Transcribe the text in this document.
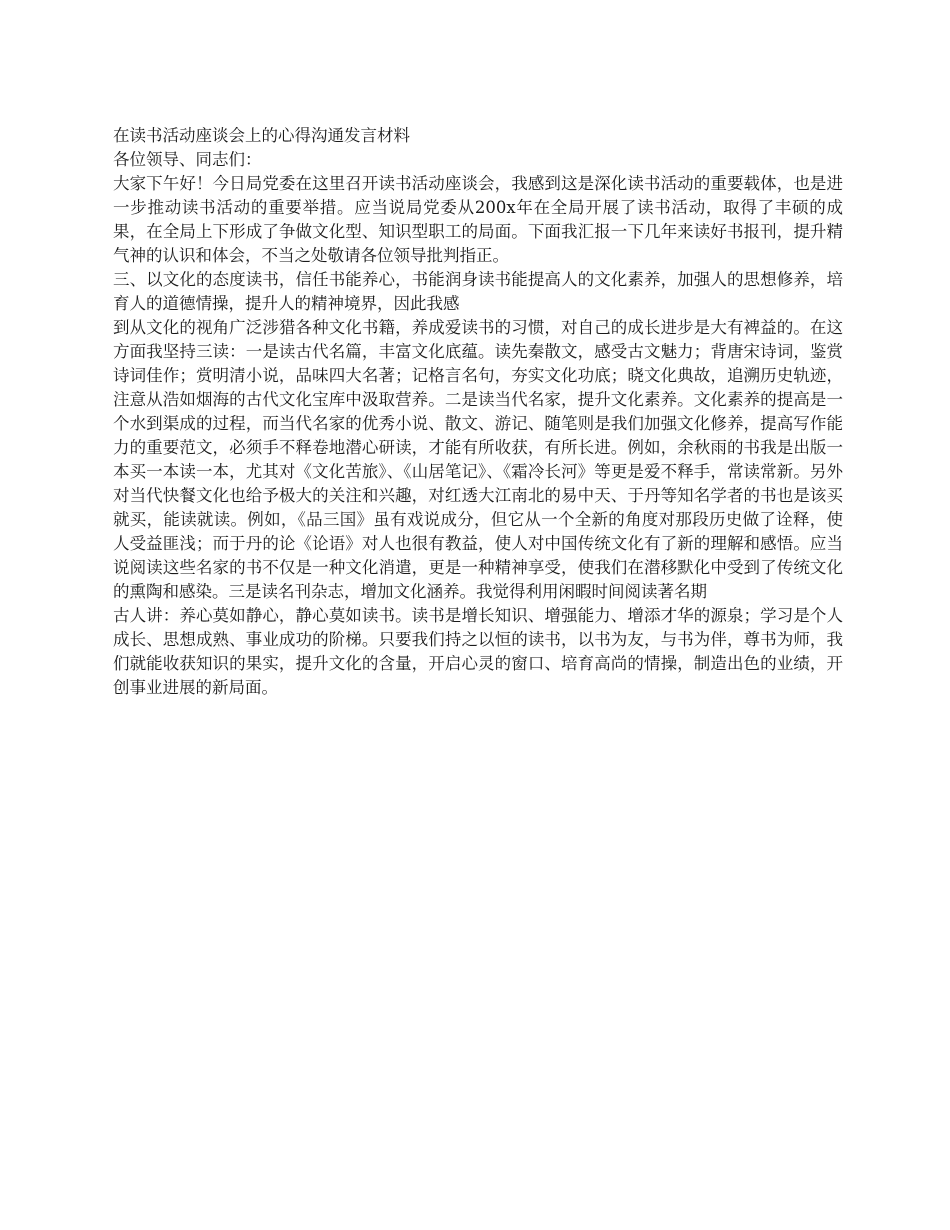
在读书活动座谈会上的心得沟通发言材料

各位领导、同志们：

大家下午好！今日局党委在这里召开读书活动座谈会，我感到这是深化读书活动的重要载体，也是进一步推动读书活动的重要举措。应当说局党委从200x年在全局开展了读书活动，取得了丰硕的成果，在全局上下形成了争做文化型、知识型职工的局面。下面我汇报一下几年来读好书报刊，提升精气神的认识和体会，不当之处敬请各位领导批判指正。

三、以文化的态度读书，信任书能养心，书能润身读书能提高人的文化素养，加强人的思想修养，培育人的道德情操，提升人的精神境界，因此我感

到从文化的视角广泛涉猎各种文化书籍，养成爱读书的习惯，对自己的成长进步是大有裨益的。在这方面我坚持三读：一是读古代名篇，丰富文化底蕴。读先秦散文，感受古文魅力；背唐宋诗词，鉴赏诗词佳作；赏明清小说，品味四大名著；记格言名句，夯实文化功底；晓文化典故，追溯历史轨迹，注意从浩如烟海的古代文化宝库中汲取营养。二是读当代名家，提升文化素养。文化素养的提高是一个水到渠成的过程，而当代名家的优秀小说、散文、游记、随笔则是我们加强文化修养，提高写作能力的重要范文，必须手不释卷地潜心研读，才能有所收获，有所长进。例如，余秋雨的书我是出版一本买一本读一本，尤其对《文化苦旅》、《山居笔记》、《霜冷长河》等更是爱不释手，常读常新。另外对当代快餐文化也给予极大的关注和兴趣，对红透大江南北的易中天、于丹等知名学者的书也是该买就买，能读就读。例如，《品三国》虽有戏说成分，但它从一个全新的角度对那段历史做了诠释，使人受益匪浅；而于丹的论《论语》对人也很有教益，使人对中国传统文化有了新的理解和感悟。应当说阅读这些名家的书不仅是一种文化消遣，更是一种精神享受，使我们在潜移默化中受到了传统文化的熏陶和感染。三是读名刊杂志，增加文化涵养。我觉得利用闲暇时间阅读著名期

古人讲：养心莫如静心，静心莫如读书。读书是增长知识、增强能力、增添才华的源泉；学习是个人成长、思想成熟、事业成功的阶梯。只要我们持之以恒的读书，以书为友，与书为伴，尊书为师，我们就能收获知识的果实，提升文化的含量，开启心灵的窗口、培育高尚的情操，制造出色的业绩，开创事业进展的新局面。
